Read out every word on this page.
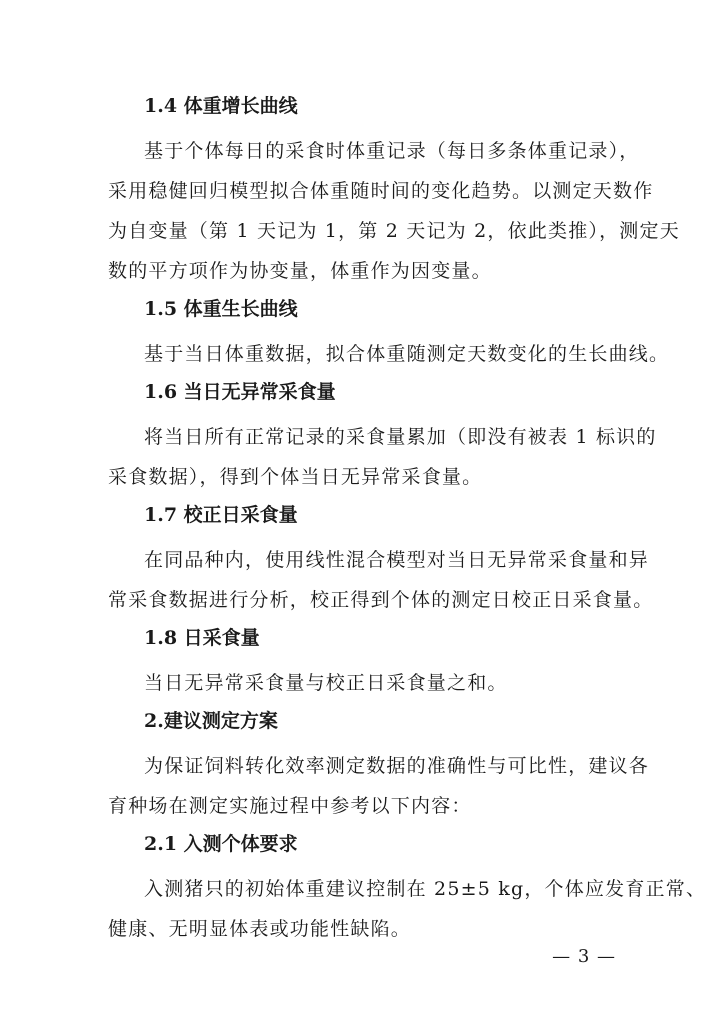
1.4 体重增长曲线

基于个体每日的采食时体重记录（每日多条体重记录），
采用稳健回归模型拟合体重随时间的变化趋势。以测定天数作
为自变量（第 1 天记为 1，第 2 天记为 2，依此类推），测定天
数的平方项作为协变量，体重作为因变量。

1.5 体重生长曲线

基于当日体重数据，拟合体重随测定天数变化的生长曲线。

1.6 当日无异常采食量

将当日所有正常记录的采食量累加（即没有被表 1 标识的
采食数据），得到个体当日无异常采食量。

1.7 校正日采食量

在同品种内，使用线性混合模型对当日无异常采食量和异
常采食数据进行分析，校正得到个体的测定日校正日采食量。

1.8 日采食量

当日无异常采食量与校正日采食量之和。

2.建议测定方案

为保证饲料转化效率测定数据的准确性与可比性，建议各
育种场在测定实施过程中参考以下内容：

2.1 入测个体要求

入测猪只的初始体重建议控制在 25±5 kg，个体应发育正常、
健康、无明显体表或功能性缺陷。

— 3 —
